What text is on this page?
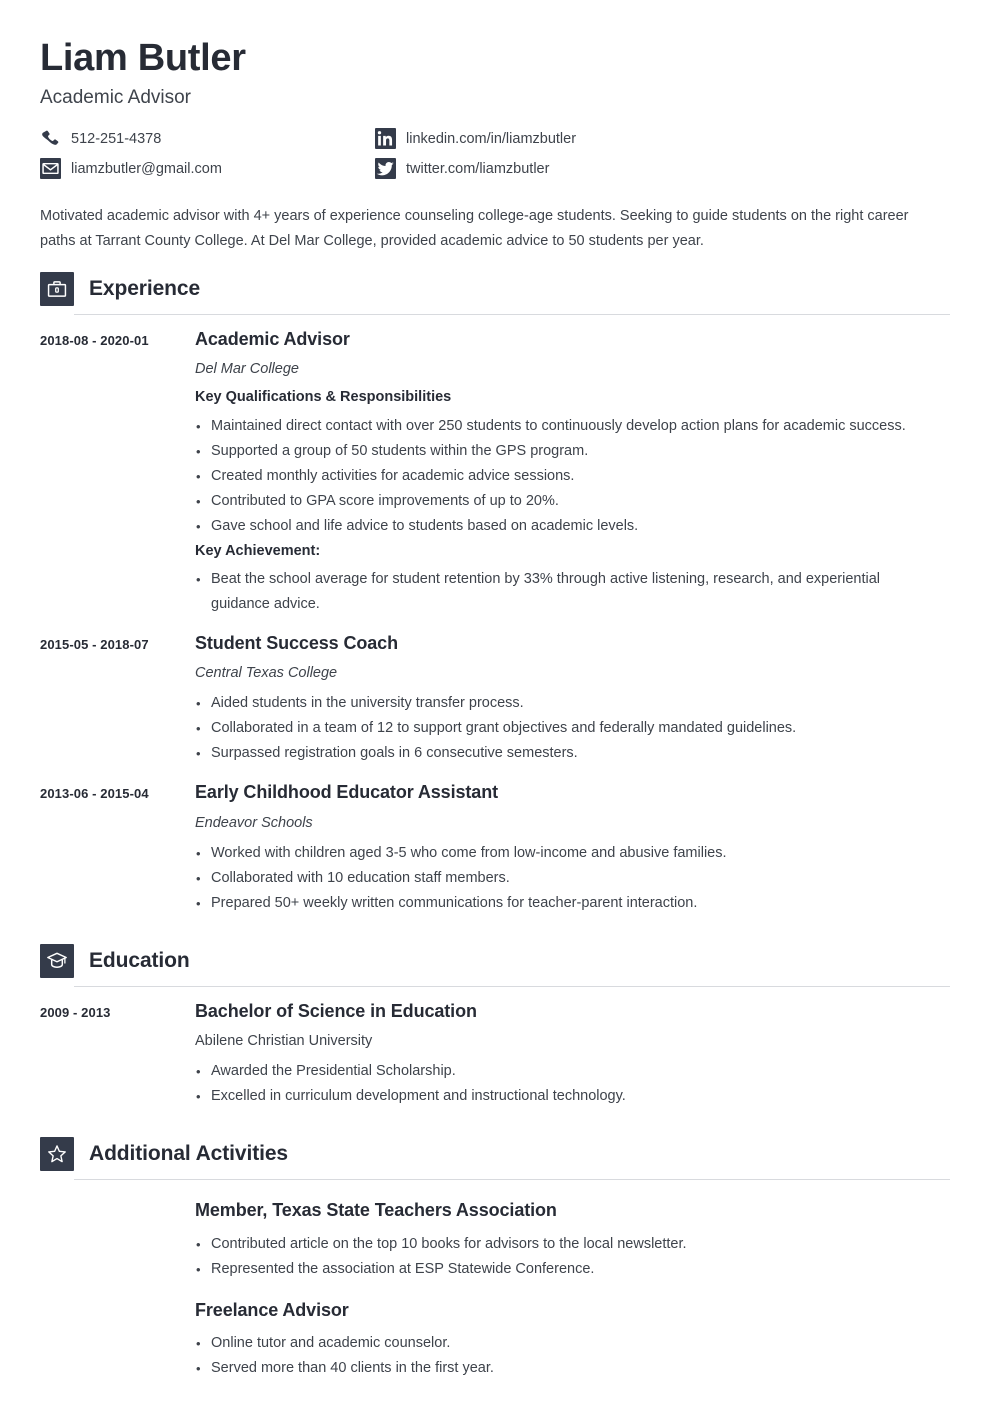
Liam Butler
Academic Advisor
512-251-4378	linkedin.com/in/liamzbutler
liamzbutler@gmail.com	twitter.com/liamzbutler

Motivated academic advisor with 4+ years of experience counseling college-age students. Seeking to guide students on the right career paths at Tarrant County College. At Del Mar College, provided academic advice to 50 students per year.

Experience
2018-08 - 2020-01	Academic Advisor
Del Mar College
Key Qualifications & Responsibilities
• Maintained direct contact with over 250 students to continuously develop action plans for academic success.
• Supported a group of 50 students within the GPS program.
• Created monthly activities for academic advice sessions.
• Contributed to GPA score improvements of up to 20%.
• Gave school and life advice to students based on academic levels.
Key Achievement:
• Beat the school average for student retention by 33% through active listening, research, and experiential guidance advice.
2015-05 - 2018-07	Student Success Coach
Central Texas College
• Aided students in the university transfer process.
• Collaborated in a team of 12 to support grant objectives and federally mandated guidelines.
• Surpassed registration goals in 6 consecutive semesters.
2013-06 - 2015-04	Early Childhood Educator Assistant
Endeavor Schools
• Worked with children aged 3-5 who come from low-income and abusive families.
• Collaborated with 10 education staff members.
• Prepared 50+ weekly written communications for teacher-parent interaction.
Education
2009 - 2013	Bachelor of Science in Education
Abilene Christian University
• Awarded the Presidential Scholarship.
• Excelled in curriculum development and instructional technology.
Additional Activities
Member, Texas State Teachers Association
• Contributed article on the top 10 books for advisors to the local newsletter.
• Represented the association at ESP Statewide Conference.
Freelance Advisor
• Online tutor and academic counselor.
• Served more than 40 clients in the first year.
